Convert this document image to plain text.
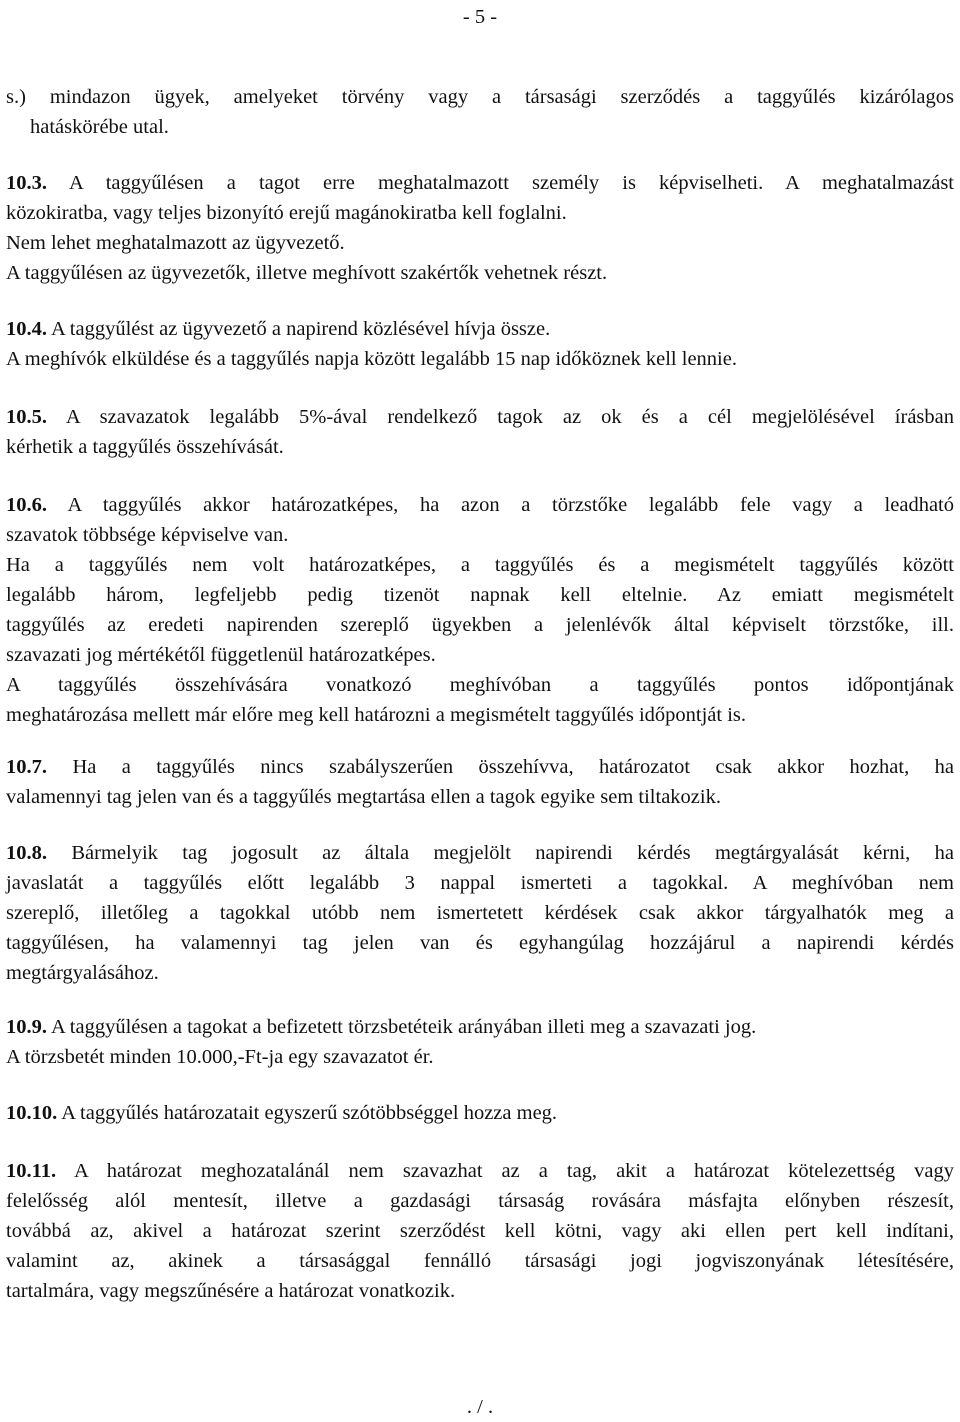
- 5 -
s.) mindazon ügyek, amelyeket törvény vagy a társasági szerződés a taggyűlés kizárólagos
hatáskörébe utal.
10.3. A taggyűlésen a tagot erre meghatalmazott személy is képviselheti. A meghatalmazást
közokiratba, vagy teljes bizonyító erejű magánokiratba kell foglalni.
Nem lehet meghatalmazott az ügyvezető.
A taggyűlésen az ügyvezetők, illetve meghívott szakértők vehetnek részt.
10.4. A taggyűlést az ügyvezető a napirend közlésével hívja össze.
A meghívók elküldése és a taggyűlés napja között legalább 15 nap időköznek kell lennie.
10.5. A szavazatok legalább 5%-ával rendelkező tagok az ok és a cél megjelölésével írásban
kérhetik a taggyűlés összehívását.
10.6. A taggyűlés akkor határozatképes, ha azon a törzstőke legalább fele vagy a leadható
szavatok többsége képviselve van.
Ha a taggyűlés nem volt határozatképes, a taggyűlés és a megismételt taggyűlés között
legalább három, legfeljebb pedig tizenöt napnak kell eltelnie. Az emiatt megismételt
taggyűlés az eredeti napirenden szereplő ügyekben a jelenlévők által képviselt törzstőke, ill.
szavazati jog mértékétől függetlenül határozatképes.
A taggyűlés összehívására vonatkozó meghívóban a taggyűlés pontos időpontjának
meghatározása mellett már előre meg kell határozni a megismételt taggyűlés időpontját is.
10.7. Ha a taggyűlés nincs szabályszerűen összehívva, határozatot csak akkor hozhat, ha
valamennyi tag jelen van és a taggyűlés megtartása ellen a tagok egyike sem tiltakozik.
10.8. Bármelyik tag jogosult az általa megjelölt napirendi kérdés megtárgyalását kérni, ha
javaslatát a taggyűlés előtt legalább 3 nappal ismerteti a tagokkal. A meghívóban nem
szereplő, illetőleg a tagokkal utóbb nem ismertetett kérdések csak akkor tárgyalhatók meg a
taggyűlésen, ha valamennyi tag jelen van és egyhangúlag hozzájárul a napirendi kérdés
megtárgyalásához.
10.9. A taggyűlésen a tagokat a befizetett törzsbetéteik arányában illeti meg a szavazati jog.
A törzsbetét minden 10.000,-Ft-ja egy szavazatot ér.
10.10. A taggyűlés határozatait egyszerű szótöbbséggel hozza meg.
10.11. A határozat meghozatalánál nem szavazhat az a tag, akit a határozat kötelezettség vagy
felelősség alól mentesít, illetve a gazdasági társaság rovására másfajta előnyben részesít,
továbbá az, akivel a határozat szerint szerződést kell kötni, vagy aki ellen pert kell indítani,
valamint az, akinek a társasággal fennálló társasági jogi jogviszonyának létesítésére,
tartalmára, vagy megszűnésére a határozat vonatkozik.
. / .
